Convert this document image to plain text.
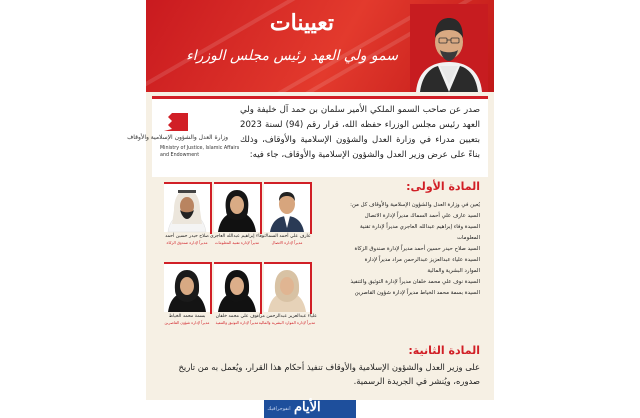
تعيينات
سمو ولي العهد رئيس مجلس الوزراء
وزارة العدل والشؤون الإسلامية والأوقاف
Ministry of Justice, Islamic Affairs
and Endowment
صدر عن صاحب السمو الملكي الأمير سلمان بن حمد آل خليفة ولي العهد رئيس مجلس الوزراء حفظه الله، قرار رقم (94) لسنة 2023 بتعيين مدراء في وزارة العدل والشؤون الإسلامية والأوقاف، وذلك بناءً على عرض وزير العدل والشؤون الإسلامية والأوقاف، جاء فيه:
المادة الأولى:
يُعين في وزارة العدل والشؤون الإسلامية والأوقاف كل من:
السيد عارف علي أحمد السماك مديراً لإدارة الاتصال
السيدة وفاء إبراهيم عبدالله العاجري مديراً لإدارة تقنية المعلومات
السيد صلاح حيدر حسين أحمد مديراً لإدارة صندوق الزكاة
السيدة علياء عبدالعزيز عبدالرحمن مراد مديراً لإدارة الموارد البشرية والمالية
السيدة نوف علي محمد خلفان مديراً لإدارة التوثيق والتنفيذ
السيدة بسمة محمد الخياط مديراً لإدارة شؤون القاصرين
عارف علي أحمد السماك
مديراً لإدارة الاتصال
وفاء إبراهيم عبدالله العاجري
مديراً لإدارة تقنية المعلومات
صلاح حيدر حسين أحمد
مديراً لإدارة صندوق الزكاة
علياء عبدالعزيز عبدالرحمن مراد
مديراً لإدارة الموارد البشرية والمالية
نوف علي محمد خلفان
مديراً لإدارة التوثيق والتنفيذ
بسمة محمد الخياط
مديراً لإدارة شؤون القاصرين
المادة الثانية:
على وزير العدل والشؤون الإسلامية والأوقاف تنفيذ أحكام هذا القرار، ويُعمل به من تاريخ صدوره، ويُنشر في الجريدة الرسمية.
انفوجرافيك الأيام
